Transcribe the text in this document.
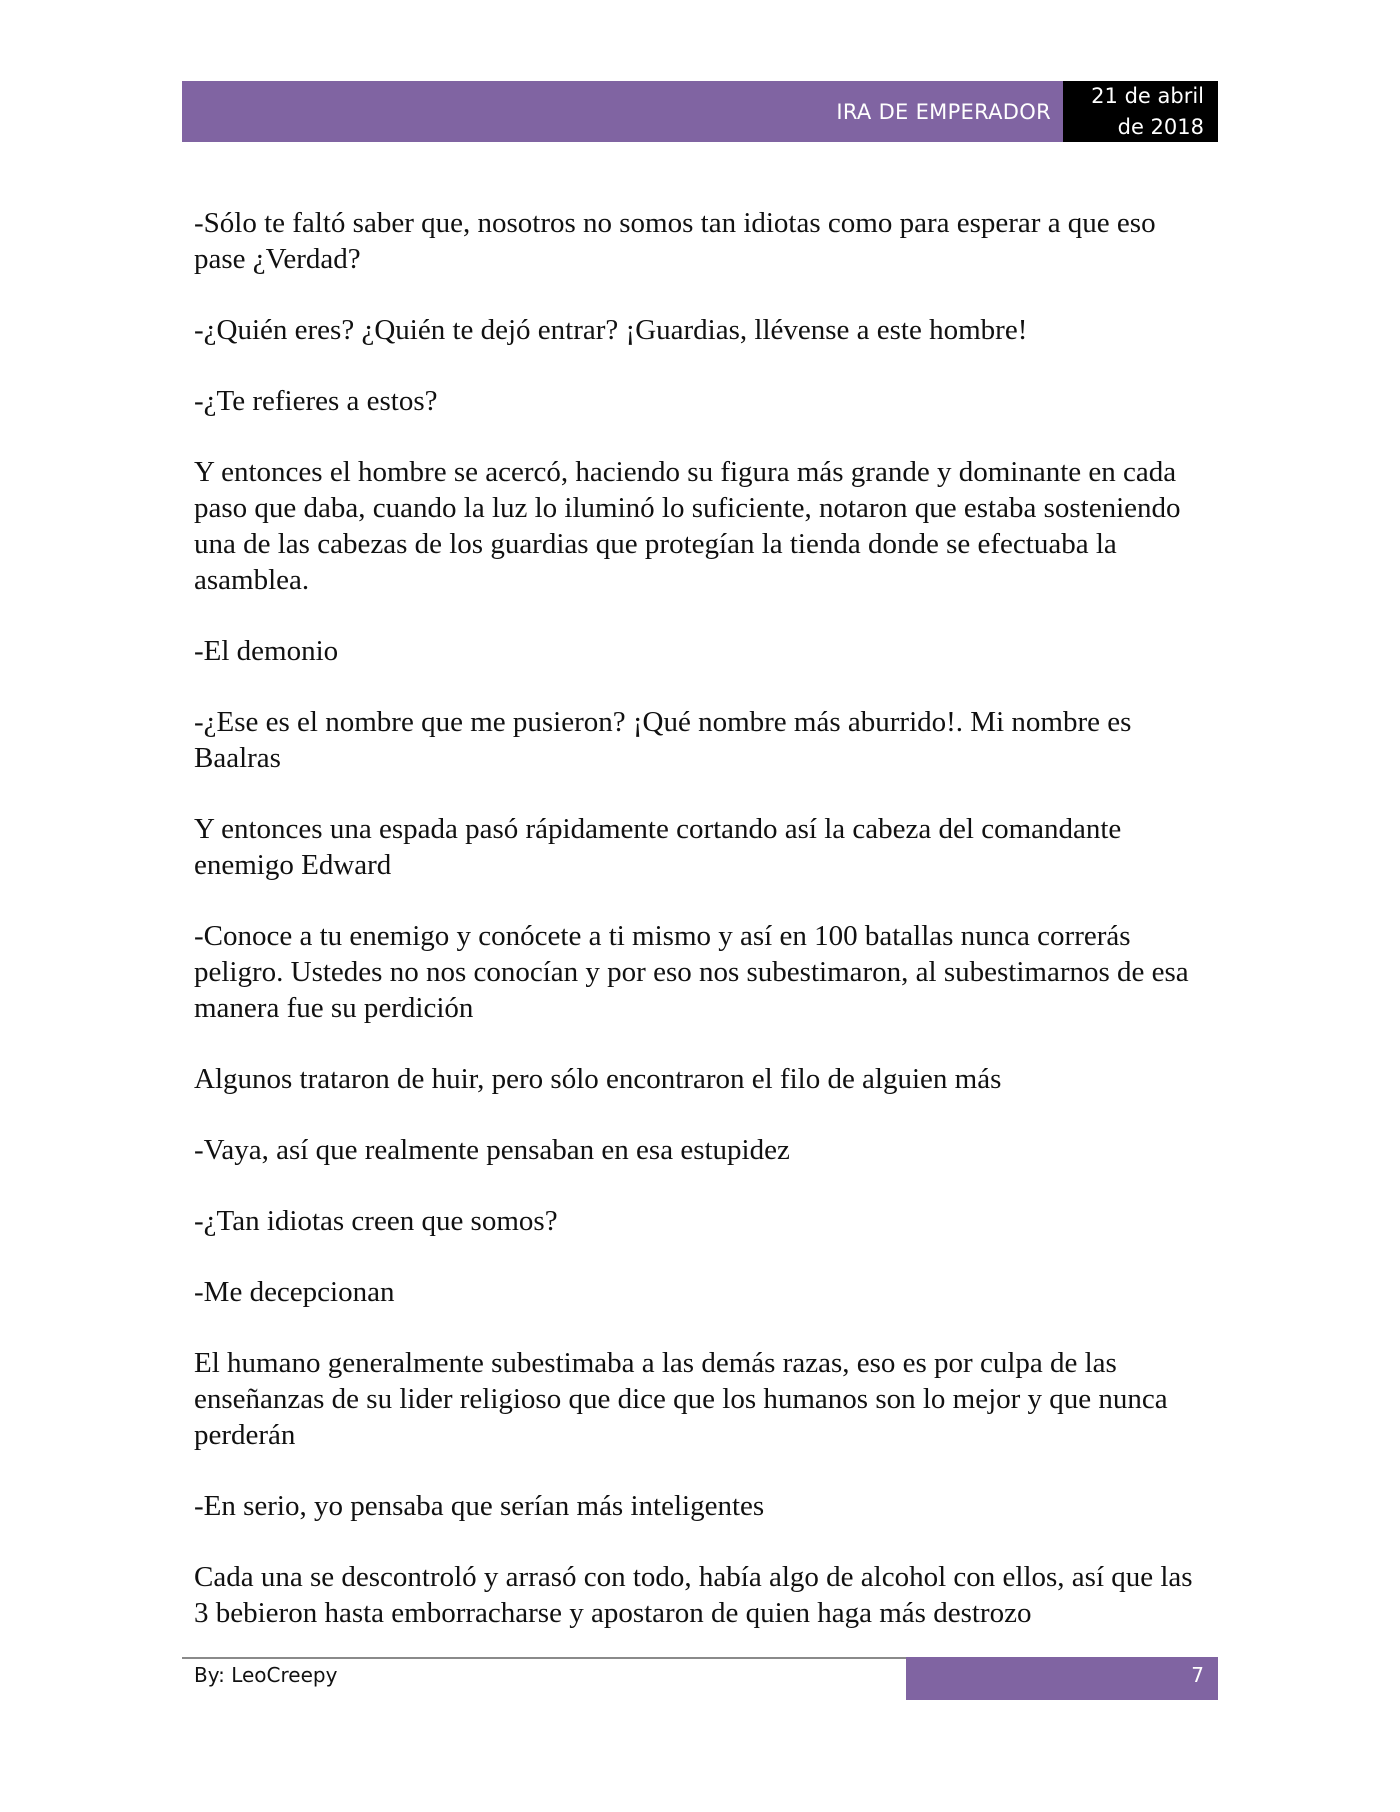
IRA DE EMPERADOR
21 de abril
de 2018

-Sólo te faltó saber que, nosotros no somos tan idiotas como para esperar a que eso pase ¿Verdad?

-¿Quién eres? ¿Quién te dejó entrar? ¡Guardias, llévense a este hombre!

-¿Te refieres a estos?

Y entonces el hombre se acercó, haciendo su figura más grande y dominante en cada paso que daba, cuando la luz lo iluminó lo suficiente, notaron que estaba sosteniendo una de las cabezas de los guardias que protegían la tienda donde se efectuaba la asamblea.

-El demonio

-¿Ese es el nombre que me pusieron? ¡Qué nombre más aburrido!. Mi nombre es Baalras

Y entonces una espada pasó rápidamente cortando así la cabeza del comandante enemigo Edward

-Conoce a tu enemigo y conócete a ti mismo y así en 100 batallas nunca correrás peligro. Ustedes no nos conocían y por eso nos subestimaron, al subestimarnos de esa manera fue su perdición

Algunos trataron de huir, pero sólo encontraron el filo de alguien más

-Vaya, así que realmente pensaban en esa estupidez

-¿Tan idiotas creen que somos?

-Me decepcionan

El humano generalmente subestimaba a las demás razas, eso es por culpa de las enseñanzas de su lider religioso que dice que los humanos son lo mejor y que nunca perderán

-En serio, yo pensaba que serían más inteligentes

Cada una se descontroló y arrasó con todo, había algo de alcohol con ellos, así que las 3 bebieron hasta emborracharse y apostaron de quien haga más destrozo

By: LeoCreepy	7
